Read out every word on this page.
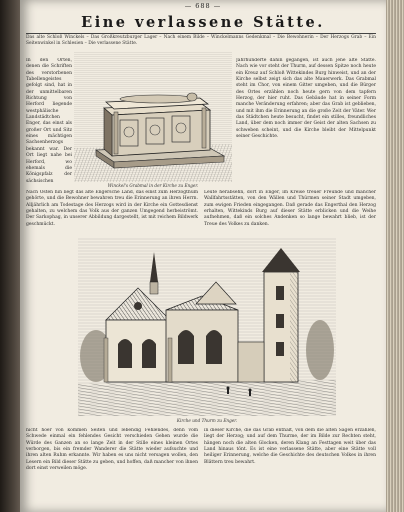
— 688 —
Eine verlassene Stätte.
Das alte Schloß Winckels – Das Großkreutzburger Lager – Nach einem Bilde – Winckelmanns Gedenkmal – Die Bewohnerin – Der Herzogs Grab – Ein Seitenwinkel in Schlesien – Die verlassene Stätte.
Winckel's Grabmal in der Kirche zu Enger.
In den Orten, denen die Schriften des verstorbenen Tabellengeistes gefolgt sind, hat in der unmittelbaren Richtung von Herford liegende westphälische Landstädtchen Enger, das einst als großer Ort und Sitz eines mächtigen Sachsenherzogs bekannt war. Der Ort liegt nahe bei Herford, wo ehemals die Königspfalz der sächsischen
Jahrhunderte dahin gegangen, ist auch jene alte Stätte. Nach wie vor steht der Thurm, auf dessen Spitze noch heute ein Kreuz auf Schloß Wittekindes Burg hinweist, und an der Kirche selbst zeigt sich das alte Mauerwerk. Das Grabmal steht im Chor, von einem Gitter umgeben, und die Bürger des Ortes erzählen noch heute gern von dem tapfern Herzog, der hier ruht. Das Gebäude hat in seiner Form manche Veränderung erfahren; aber das Grab ist geblieben, und mit ihm die Erinnerung an die große Zeit der Väter. Wer das Städtchen heute besucht, findet ein stilles, freundliches Land, über dem noch immer der Geist der alten Sachsen zu schweben scheint, und die Kirche bleibt der Mittelpunkt seiner Geschichte.
Nach Osten hin liegt das alte Engersche Land, das einst zum Herzogthum gehörte, und die Bewohner bewahren treu die Erinnerung an ihren Herrn. Alljährlich am Todestage des Herzogs wird in der Kirche ein Gottesdienst gehalten, zu welchem das Volk aus der ganzen Umgegend herbeiströmt. Der Sarkophag, in unserer Abbildung dargestellt, ist mit reichem Bildwerk geschmückt.
Leute herabsehn, dort in Enger, im Kreise treuer Freunde und mancher Wallfahrtsstätten, von den Wällen und Thürmen seiner Stadt umgeben, zum ewigen Frieden eingegangen. Daß gerade das Engerthal den Herzog erhalten, Wittekinds Burg auf dieser Stätte erblicken und die Weihe aufnehmen, daß ein solches Andenken so lange bewahrt blieb, ist der Treue des Volkes zu danken.
Kirche und Thurm zu Enger.
nicht hoer von kommen Seiten und lebendig Fehlendes, denn vom Schwede einmal ein fehlendes Gesicht verschieden Gehen wurde die Würde des Ganzen an so lange Zeit in der Stille eines kleinen Ortes verborgen, bis ein fremder Wanderer die Stätte wieder aufsuchte und ihren alten Ruhm erkannte. Wir haben es uns nicht versagen wollen, den Lesern ein Bild dieser Stätte zu geben, und hoffen, daß mancher von ihnen dort einst verweilen möge.
in dieser Kirche, die das Grab enthält, von dem die alten Sagen erzählen, liegt der Herzog; und auf dem Thurme, der im Bilde zur Rechten steht, hängen noch die alten Glocken, deren Klang an Festtagen weit über das Land hinaus tönt. Es ist eine verlassene Stätte, aber eine Stätte voll heiliger Erinnerung, welche die Geschichte des deutschen Volkes in ihren Blättern treu bewahrt.
